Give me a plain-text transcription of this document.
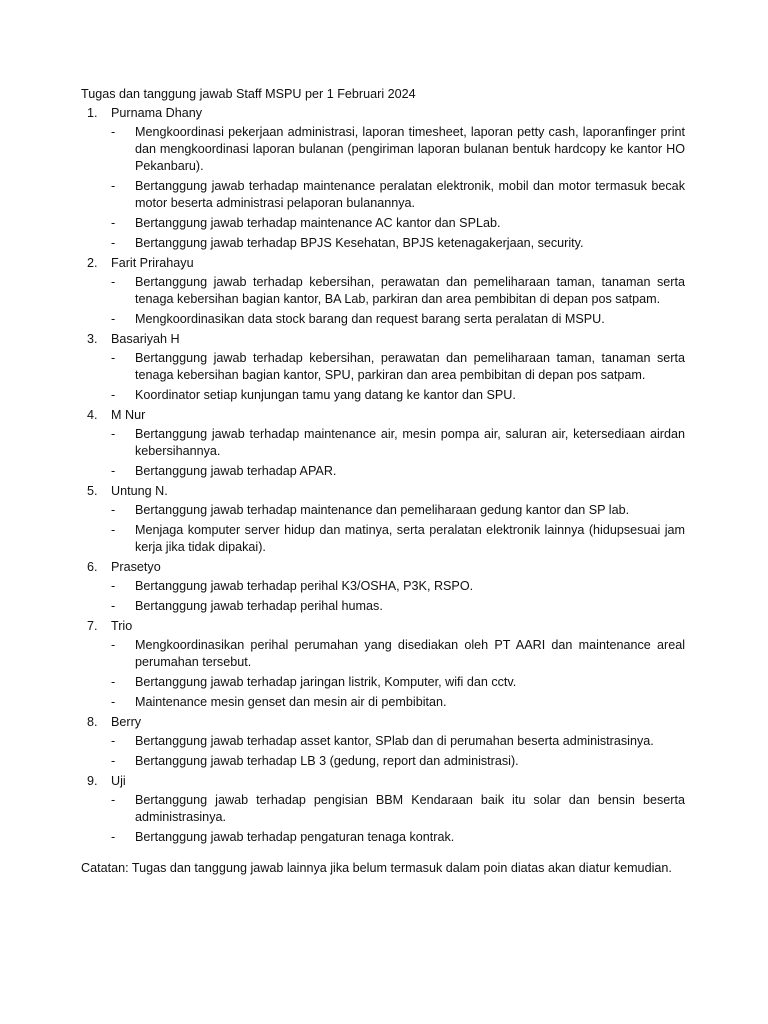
Tugas dan tanggung jawab Staff MSPU per 1 Februari 2024
1. Purnama Dhany
- Mengkoordinasi pekerjaan administrasi, laporan timesheet, laporan petty cash, laporanfinger print dan mengkoordinasi laporan bulanan (pengiriman laporan bulanan bentuk hardcopy ke kantor HO Pekanbaru).
- Bertanggung jawab terhadap maintenance peralatan elektronik, mobil dan motor termasuk becak motor beserta administrasi pelaporan bulanannya.
- Bertanggung jawab terhadap maintenance AC kantor dan SPLab.
- Bertanggung jawab terhadap BPJS Kesehatan, BPJS ketenagakerjaan, security.
2. Farit Prirahayu
- Bertanggung jawab terhadap kebersihan, perawatan dan pemeliharaan taman, tanaman serta tenaga kebersihan bagian kantor, BA Lab, parkiran dan area pembibitan di depan pos satpam.
- Mengkoordinasikan data stock barang dan request barang serta peralatan di MSPU.
3. Basariyah H
- Bertanggung jawab terhadap kebersihan, perawatan dan pemeliharaan taman, tanaman serta tenaga kebersihan bagian kantor, SPU, parkiran dan area pembibitan di depan pos satpam.
- Koordinator setiap kunjungan tamu yang datang ke kantor dan SPU.
4. M Nur
- Bertanggung jawab terhadap maintenance air, mesin pompa air, saluran air, ketersediaan airdan kebersihannya.
- Bertanggung jawab terhadap APAR.
5. Untung N.
- Bertanggung jawab terhadap maintenance dan pemeliharaan gedung kantor dan SP lab.
- Menjaga komputer server hidup dan matinya, serta peralatan elektronik lainnya (hidupsesuai jam kerja jika tidak dipakai).
6. Prasetyo
- Bertanggung jawab terhadap perihal K3/OSHA, P3K, RSPO.
- Bertanggung jawab terhadap perihal humas.
7. Trio
- Mengkoordinasikan perihal perumahan yang disediakan oleh PT AARI dan maintenance areal perumahan tersebut.
- Bertanggung jawab terhadap jaringan listrik, Komputer, wifi dan cctv.
- Maintenance mesin genset dan mesin air di pembibitan.
8. Berry
- Bertanggung jawab terhadap asset kantor, SPlab dan di perumahan beserta administrasinya.
- Bertanggung jawab terhadap LB 3 (gedung, report dan administrasi).
9. Uji
- Bertanggung jawab terhadap pengisian BBM Kendaraan baik itu solar dan bensin beserta administrasinya.
- Bertanggung jawab terhadap pengaturan tenaga kontrak.
Catatan: Tugas dan tanggung jawab lainnya jika belum termasuk dalam poin diatas akan diatur kemudian.
